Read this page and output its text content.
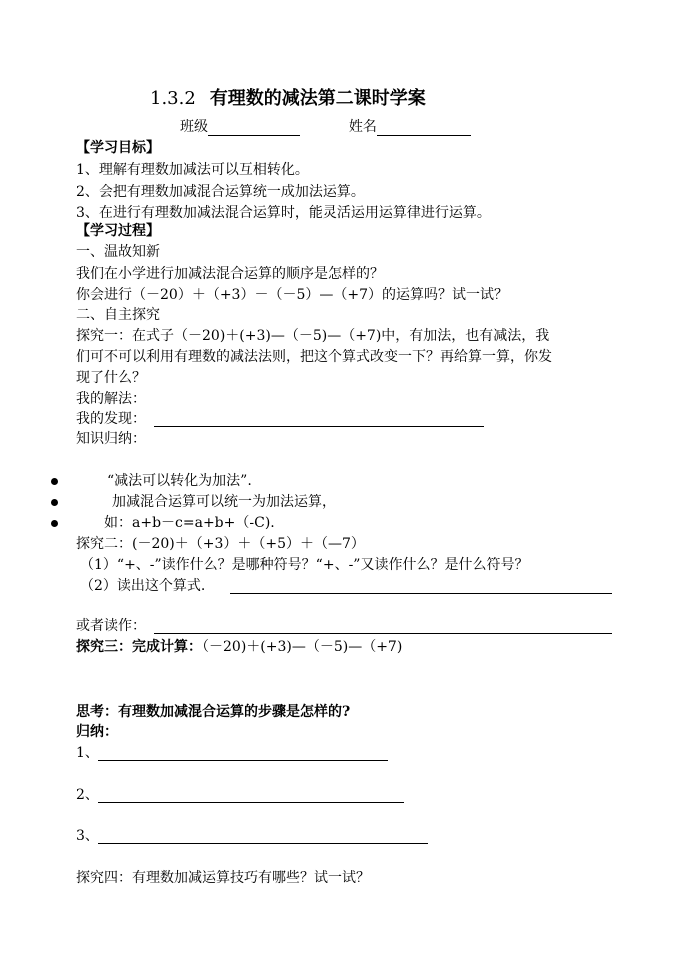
1.3.2 有理数的减法第二课时学案
班级	姓名
【学习目标】
1、理解有理数加减法可以互相转化。
2、会把有理数加减混合运算统一成加法运算。
3、在进行有理数加减法混合运算时，能灵活运用运算律进行运算。
【学习过程】
一、温故知新
我们在小学进行加减法混合运算的顺序是怎样的？
你会进行（－20）＋（+3）－（－5）—（+7）的运算吗？试一试？
二、自主探究
探究一：在式子（－20)＋(+3)—（－5)—（+7)中，有加法，也有减法，我
们可不可以利用有理数的减法法则，把这个算式改变一下？再给算一算，你发
现了什么？
我的解法：
我的发现：
知识归纳：
“减法可以转化为加法”.
加减混合运算可以统一为加法运算，
如：a+b－c=a+b+（-C).
探究二：(－20)＋（+3）＋（+5）＋（—7）
（1）“+、-”读作什么？是哪种符号？“+、-”又读作什么？是什么符号？
（2）读出这个算式.
或者读作：
探究三：完成计算：（－20)＋(+3)—（－5)—（+7)
思考：有理数加减混合运算的步骤是怎样的?
归纳：
1、
2、
3、
探究四：有理数加减运算技巧有哪些？试一试？
